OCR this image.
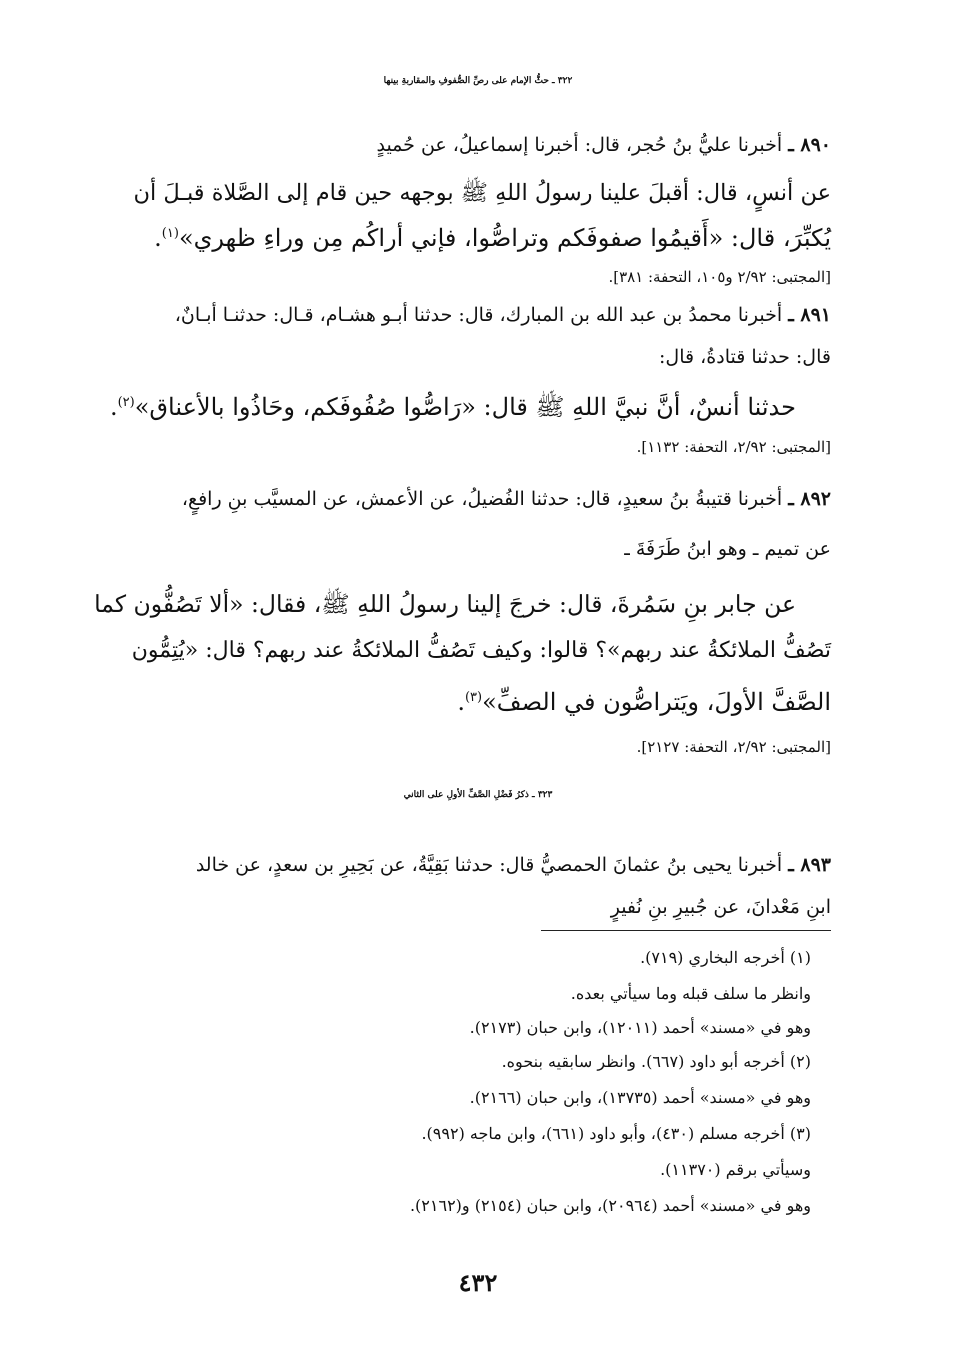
٣٢٢ ـ حثُّ الإمام على رصِّ الصُّفوفِ والمقاربةِ بينها
٨٩٠ ـ أخبرنا عليُّ بنُ حُجر، قال: أخبرنا إسماعيلُ، عن حُميدٍ
عن أنسٍ، قال: أقبلَ علينا رسولُ اللهِ ﷺ بوجهه حين قام إلى الصَّلاة قبـلَ أن
يُكبِّرَ، قال: «أَقيمُوا صفوفَكم وتراصُّوا، فإني أراكُم مِن وراءِ ظهري»$^{(١)}$.
[المجتبى: ٢/٩٢ و١٠٥، التحفة: ٣٨١].
٨٩١ ـ أخبرنا محمدُ بن عبد الله بن المبارك، قال: حدثنا أبـو هشـام، قـال: حدثنـا أبـانٌ،
قال: حدثنا قتادةُ، قال:
حدثنا أنسٌ، أنَّ نبيَّ اللهِ ﷺ قال: «رَاصُّوا صُفُوفَكم، وحَاذُوا بالأعناق»$^{(٢)}$.
[المجتبى: ٢/٩٢، التحفة: ١١٣٢].
٨٩٢ ـ أخبرنا قتيبةُ بنُ سعيدٍ، قال: حدثنا الفُضيلُ، عن الأعمش، عن المسيَّب بنِ رافعٍ،
عن تميم ـ وهو ابنُ طَرَفَةَ ـ
عن جابر بنِ سَمُرةَ، قال: خرجَ إلينا رسولُ اللهِ ﷺ، فقال: «ألا تَصُفُّون كما
تَصُفُّ الملائكةُ عند ربهم»؟ قالوا: وكيف تَصُفُّ الملائكةُ عند ربهم؟ قال: «يُتِمُّون
الصَّفَّ الأولَ، ويَتراصُّون في الصفِّ»$^{(٣)}$.
[المجتبى: ٢/٩٢، التحفة: ٢١٢٧].
٣٢٣ ـ ذكرُ فَضْلِ الصَّفِّ الأولِ على الثاني
٨٩٣ ـ أخبرنا يحيى بنُ عثمانَ الحمصيُّ قال: حدثنا بَقِيَّةُ، عن بَحِيرِ بن سعدٍ، عن خالد
ابنِ مَعْدانَ، عن جُبيرِ بنِ نُفيرٍ
(١) أخرجه البخاري (٧١٩).
وانظر ما سلف قبله وما سيأتي بعده.
وهو في «مسند» أحمد (١٢٠١١)، وابن حبان (٢١٧٣).
(٢) أخرجه أبو داود (٦٦٧). وانظر سابقيه بنحوه.
وهو في «مسند» أحمد (١٣٧٣٥)، وابن حبان (٢١٦٦).
(٣) أخرجه مسلم (٤٣٠)، وأبو داود (٦٦١)، وابن ماجه (٩٩٢).
وسيأتي برقم (١١٣٧٠).
وهو في «مسند» أحمد (٢٠٩٦٤)، وابن حبان (٢١٥٤) و(٢١٦٢).
٤٣٢
